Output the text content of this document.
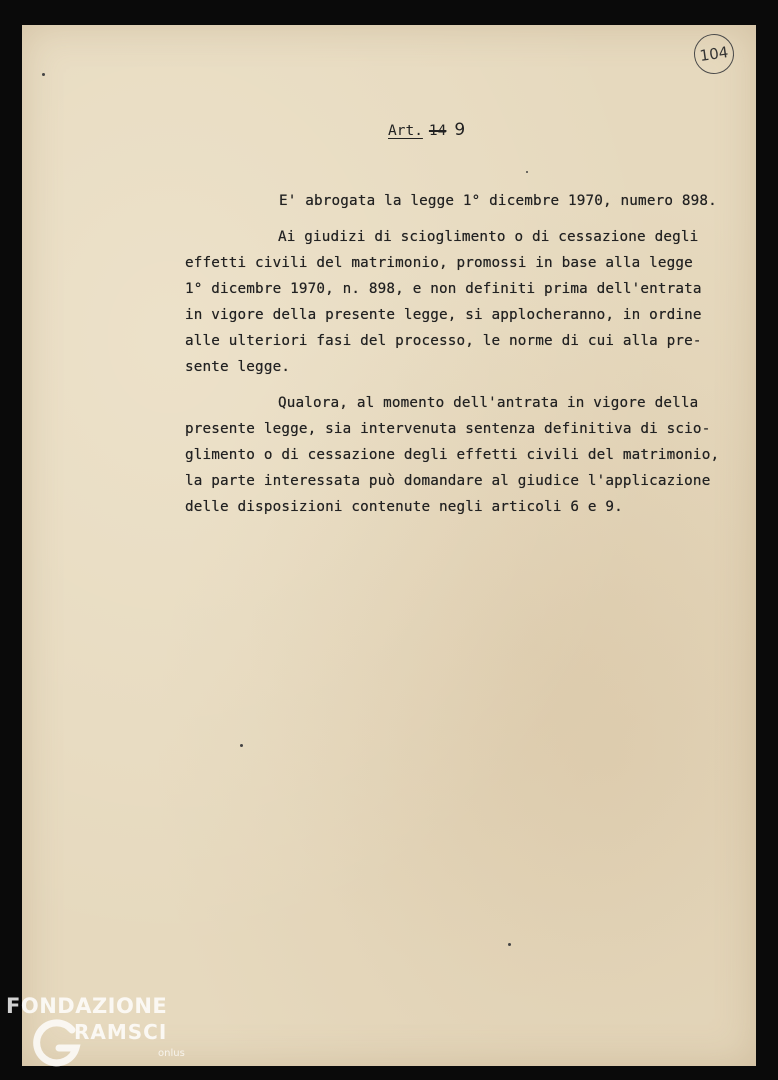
104
Art. 14 9
E' abrogata la legge 1° dicembre 1970, numero 898.
Ai giudizi di scioglimento o di cessazione degli
effetti civili del matrimonio, promossi in base alla legge
1° dicembre 1970, n. 898, e non definiti prima dell'entrata
in vigore della presente legge, si applocheranno, in ordine
alle ulteriori fasi del processo, le norme di cui alla pre-
sente legge.
Qualora, al momento dell'antrata in vigore della
presente legge, sia intervenuta sentenza definitiva di scio-
glimento o di cessazione degli effetti civili del matrimonio,
la parte interessata può domandare al giudice l'applicazione
delle disposizioni contenute negli articoli 6 e 9.
FONDAZIONE
RAMSCI
onlus
